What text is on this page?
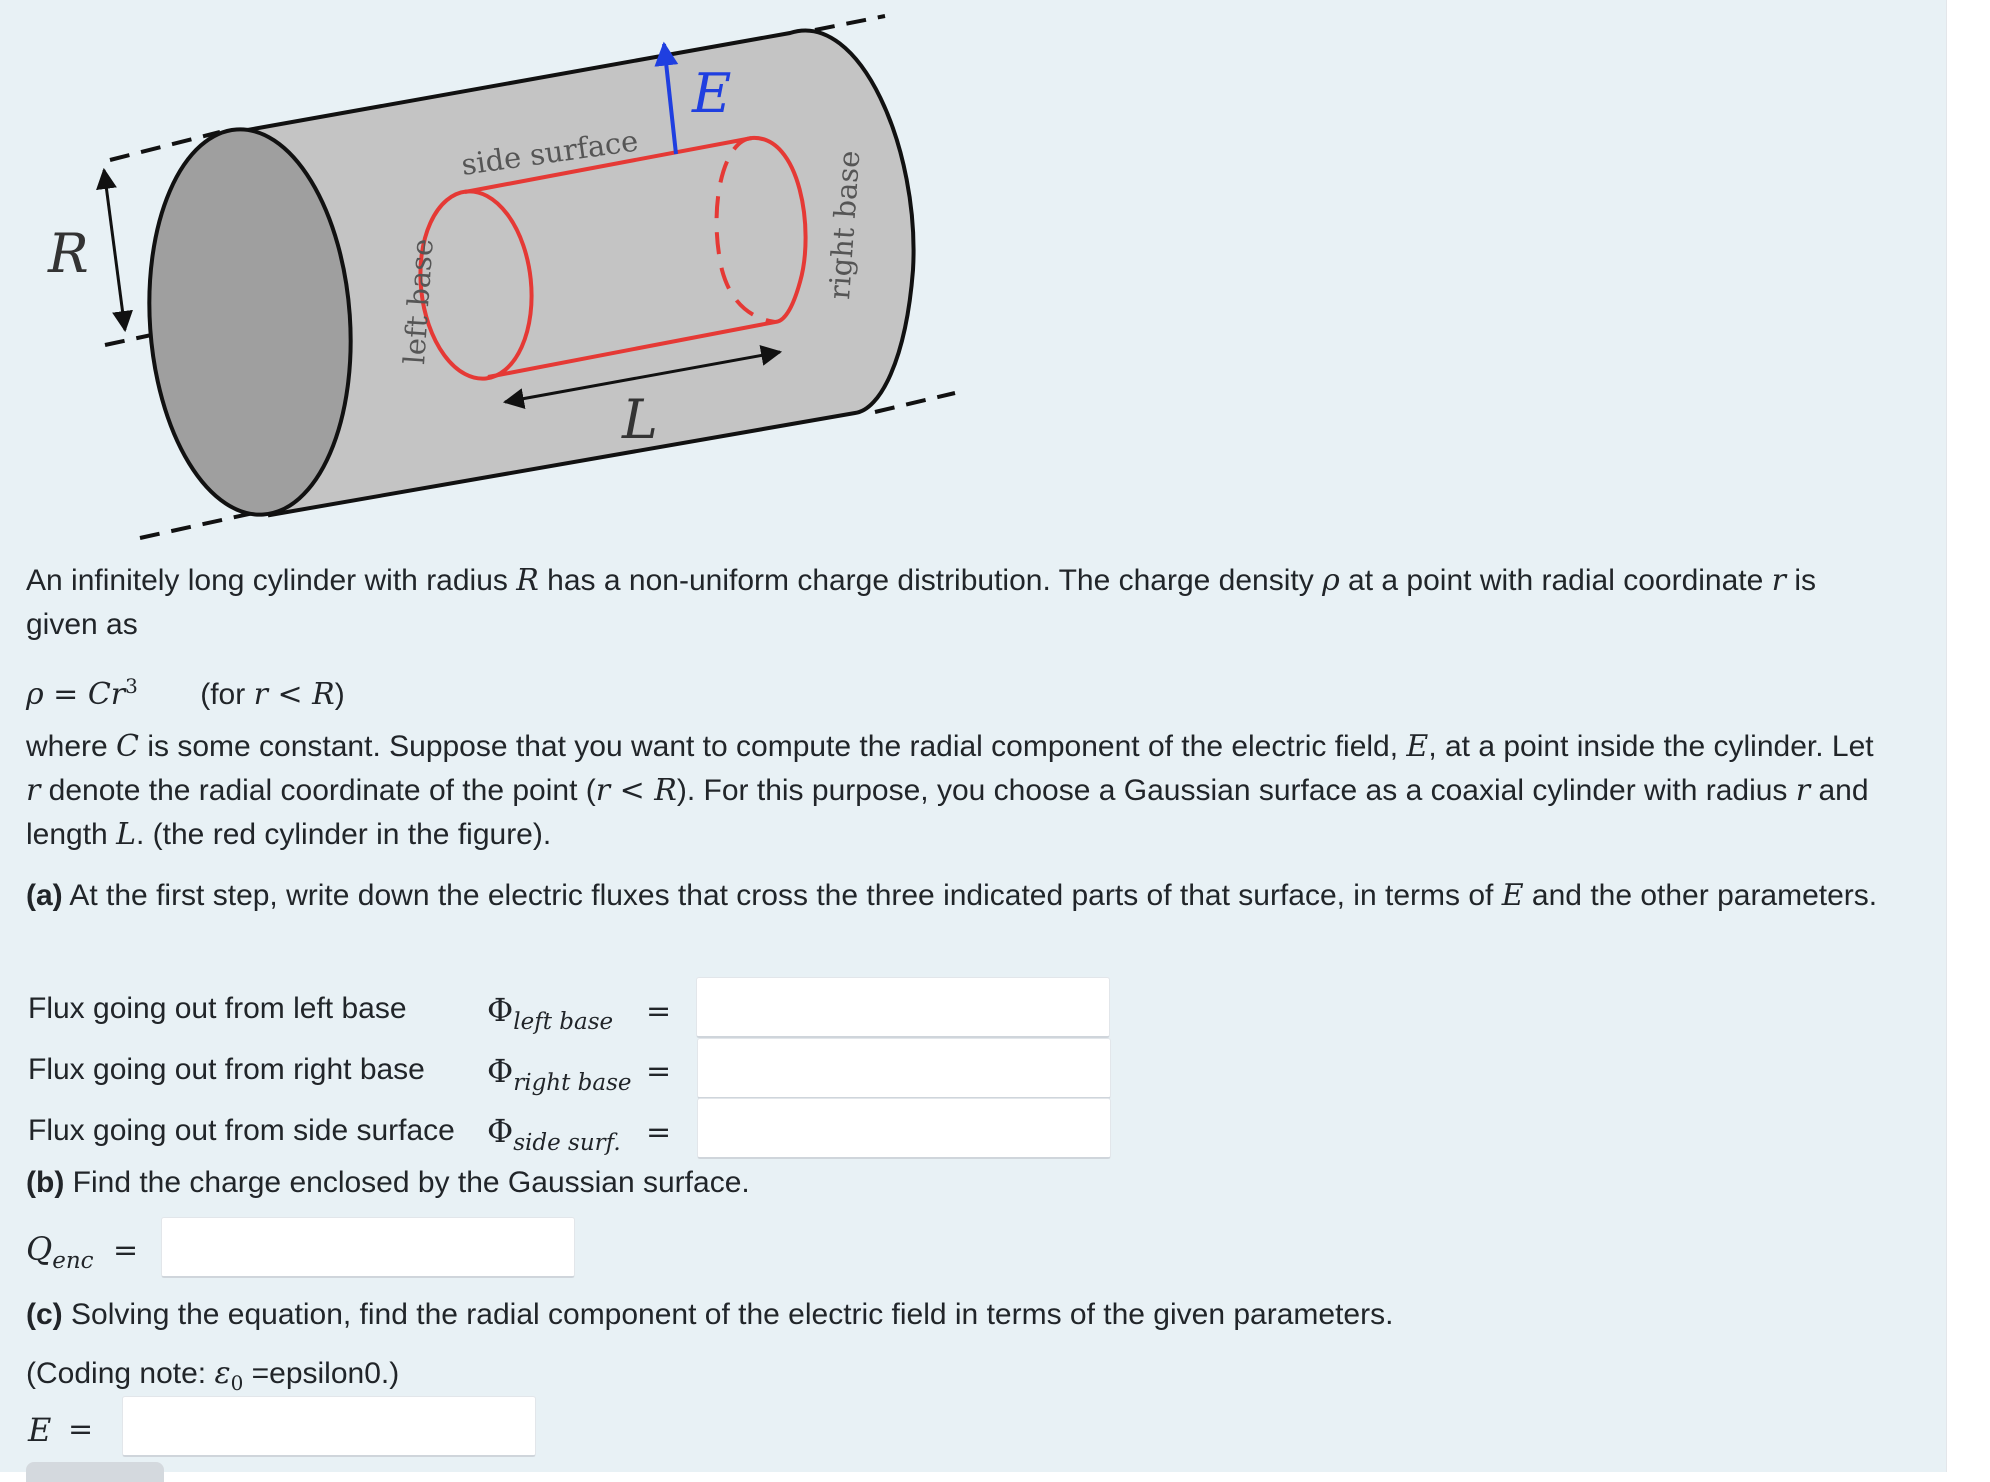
R
L
E
side surface
left base
right base
An infinitely long cylinder with radius R has a non-uniform charge distribution. The charge density ρ at a point with radial coordinate r is given as
$\rho = Cr^3$ (for r < R)
where C is some constant. Suppose that you want to compute the radial component of the electric field, E, at a point inside the cylinder. Let r denote the radial coordinate of the point (r < R). For this purpose, you choose a Gaussian surface as a coaxial cylinder with radius r and length L. (the red cylinder in the figure).
(a) At the first step, write down the electric fluxes that cross the three indicated parts of that surface, in terms of E and the other parameters.
Flux going out from left base	$\Phi_{left base}$ =
Flux going out from right base $\Phi_{right base}$ =
Flux going out from side surface $\Phi_{side surf.}$ =
(b) Find the charge enclosed by the Gaussian surface.
$Q_{enc}$ =
(c) Solving the equation, find the radial component of the electric field in terms of the given parameters.
(Coding note: $\varepsilon_0$ =epsilon0.)
E =
